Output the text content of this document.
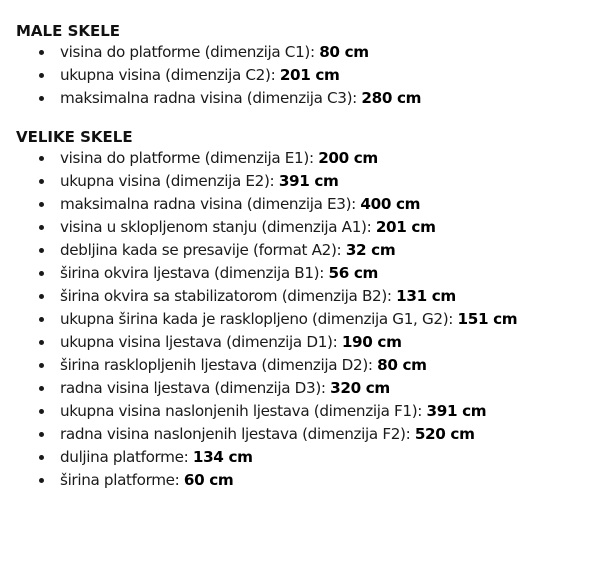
MALE SKELE
visina do platforme (dimenzija C1): 80 cm
ukupna visina (dimenzija C2): 201 cm
maksimalna radna visina (dimenzija C3): 280 cm
VELIKE SKELE
visina do platforme (dimenzija E1): 200 cm
ukupna visina (dimenzija E2): 391 cm
maksimalna radna visina (dimenzija E3): 400 cm
visina u sklopljenom stanju (dimenzija A1): 201 cm
debljina kada se presavije (format A2): 32 cm
širina okvira ljestava (dimenzija B1): 56 cm
širina okvira sa stabilizatorom (dimenzija B2): 131 cm
ukupna širina kada je rasklopljeno (dimenzija G1, G2): 151 cm
ukupna visina ljestava (dimenzija D1): 190 cm
širina rasklopljenih ljestava (dimenzija D2): 80 cm
radna visina ljestava (dimenzija D3): 320 cm
ukupna visina naslonjenih ljestava (dimenzija F1): 391 cm
radna visina naslonjenih ljestava (dimenzija F2): 520 cm
duljina platforme: 134 cm
širina platforme: 60 cm
